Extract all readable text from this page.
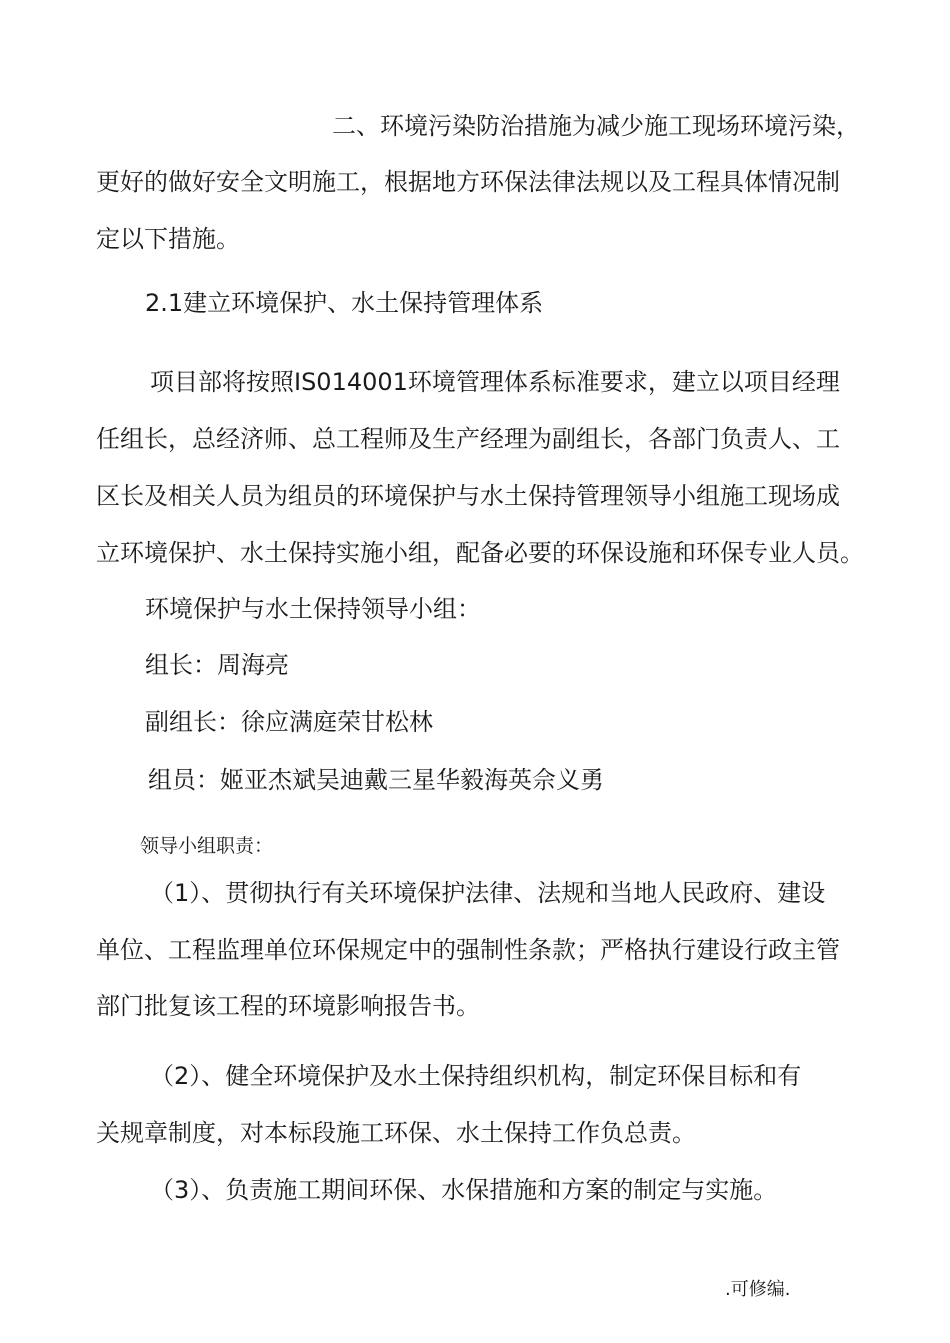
二、环境污染防治措施为减少施工现场环境污染，
更好的做好安全文明施工，根据地方环保法律法规以及工程具体情况制
定以下措施。
2.1建立环境保护、水土保持管理体系
项目部将按照IS014001环境管理体系标准要求，建立以项目经理
任组长，总经济师、总工程师及生产经理为副组长，各部门负责人、工
区长及相关人员为组员的环境保护与水土保持管理领导小组施工现场成
立环境保护、水土保持实施小组，配备必要的环保设施和环保专业人员。
环境保护与水土保持领导小组：
组长：周海亮
副组长：徐应满庭荣甘松林
组员：姬亚杰斌吴迪戴三星华毅海英佘义勇
领导小组职责：
（1）、贯彻执行有关环境保护法律、法规和当地人民政府、建设
单位、工程监理单位环保规定中的强制性条款；严格执行建设行政主管
部门批复该工程的环境影响报告书。
（2）、健全环境保护及水土保持组织机构，制定环保目标和有
关规章制度，对本标段施工环保、水土保持工作负总责。
（3）、负责施工期间环保、水保措施和方案的制定与实施。
.可修编.
